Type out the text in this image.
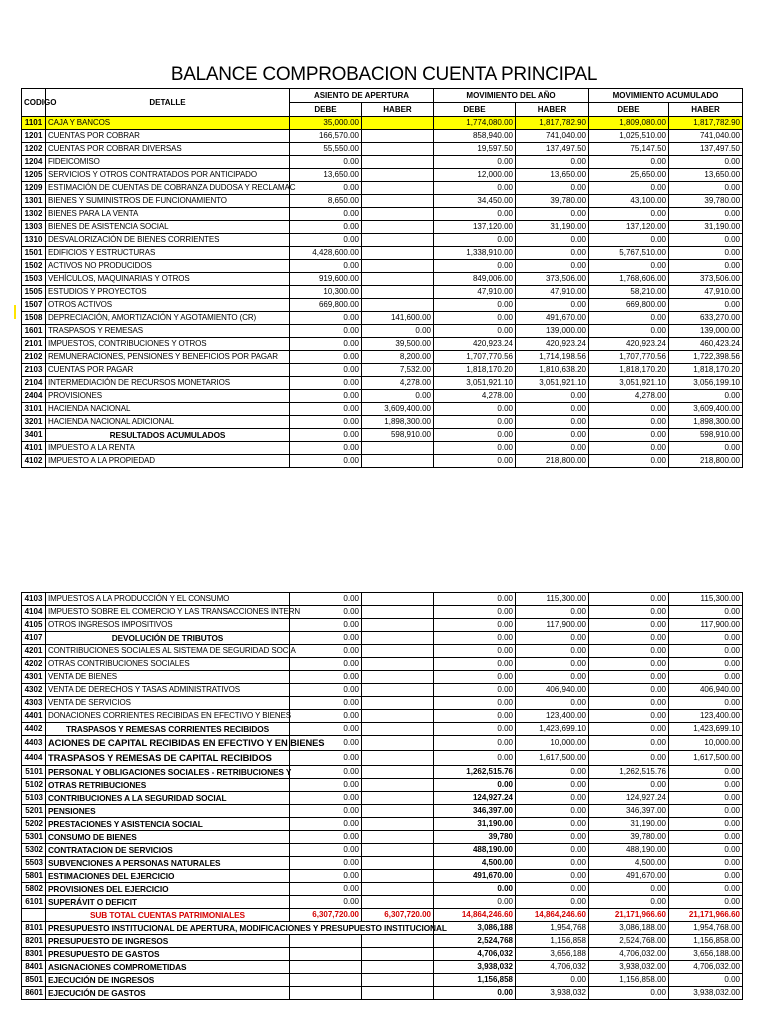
BALANCE COMPROBACION CUENTA PRINCIPAL
CODIGO	DETALLE	ASIENTO DE APERTURA		MOVIMIENTO DEL AÑO		MOVIMIENTO ACUMULADO	
		DEBE	HABER	DEBE	HABER	DEBE	HABER
1101	CAJA Y BANCOS	35,000.00		1,774,080.00	1,817,782.90	1,809,080.00	1,817,782.90
1201	CUENTAS POR COBRAR	166,570.00		858,940.00	741,040.00	1,025,510.00	741,040.00
1202	CUENTAS POR COBRAR DIVERSAS	55,550.00		19,597.50	137,497.50	75,147.50	137,497.50
1204	FIDEICOMISO	0.00		0.00	0.00	0.00	0.00
1205	SERVICIOS Y OTROS CONTRATADOS POR ANTICIPADO	13,650.00		12,000.00	13,650.00	25,650.00	13,650.00
1209	ESTIMACIÓN DE CUENTAS DE COBRANZA DUDOSA Y RECLAMAC	0.00		0.00	0.00	0.00	0.00
1301	BIENES Y SUMINISTROS DE FUNCIONAMIENTO	8,650.00		34,450.00	39,780.00	43,100.00	39,780.00
1302	BIENES PARA LA VENTA	0.00		0.00	0.00	0.00	0.00
1303	BIENES DE ASISTENCIA SOCIAL	0.00		137,120.00	31,190.00	137,120.00	31,190.00
1310	DESVALORIZACIÓN DE BIENES CORRIENTES	0.00		0.00	0.00	0.00	0.00
1501	EDIFICIOS Y ESTRUCTURAS	4,428,600.00		1,338,910.00	0.00	5,767,510.00	0.00
1502	ACTIVOS NO PRODUCIDOS	0.00		0.00	0.00	0.00	0.00
1503	VEHÍCULOS, MAQUINARIAS Y OTROS	919,600.00		849,006.00	373,506.00	1,768,606.00	373,506.00
1505	ESTUDIOS Y PROYECTOS	10,300.00		47,910.00	47,910.00	58,210.00	47,910.00
1507	OTROS ACTIVOS	669,800.00		0.00	0.00	669,800.00	0.00
1508	DEPRECIACIÓN, AMORTIZACIÓN Y AGOTAMIENTO (CR)	0.00	141,600.00	0.00	491,670.00	0.00	633,270.00
1601	TRASPASOS Y REMESAS	0.00	0.00	0.00	139,000.00	0.00	139,000.00
2101	IMPUESTOS, CONTRIBUCIONES Y OTROS	0.00	39,500.00	420,923.24	420,923.24	420,923.24	460,423.24
2102	REMUNERACIONES, PENSIONES Y BENEFICIOS POR PAGAR	0.00	8,200.00	1,707,770.56	1,714,198.56	1,707,770.56	1,722,398.56
2103	CUENTAS POR PAGAR	0.00	7,532.00	1,818,170.20	1,810,638.20	1,818,170.20	1,818,170.20
2104	INTERMEDIACIÓN DE RECURSOS MONETARIOS	0.00	4,278.00	3,051,921.10	3,051,921.10	3,051,921.10	3,056,199.10
2404	PROVISIONES	0.00	0.00	4,278.00	0.00	4,278.00	0.00
3101	HACIENDA NACIONAL	0.00	3,609,400.00	0.00	0.00	0.00	3,609,400.00
3201	HACIENDA NACIONAL ADICIONAL	0.00	1,898,300.00	0.00	0.00	0.00	1,898,300.00
3401	RESULTADOS ACUMULADOS	0.00	598,910.00	0.00	0.00	0.00	598,910.00
4101	IMPUESTO A LA RENTA	0.00		0.00	0.00	0.00	0.00
4102	IMPUESTO A LA PROPIEDAD	0.00		0.00	218,800.00	0.00	218,800.00
4103	IMPUESTOS A LA PRODUCCIÓN Y EL CONSUMO	0.00		0.00	115,300.00	0.00	115,300.00
4104	IMPUESTO SOBRE EL COMERCIO Y LAS TRANSACCIONES INTERN	0.00		0.00	0.00	0.00	0.00
4105	OTROS INGRESOS IMPOSITIVOS	0.00		0.00	117,900.00	0.00	117,900.00
4107	DEVOLUCIÓN DE TRIBUTOS	0.00		0.00	0.00	0.00	0.00
4201	CONTRIBUCIONES SOCIALES AL SISTEMA DE SEGURIDAD SOCIA	0.00		0.00	0.00	0.00	0.00
4202	OTRAS CONTRIBUCIONES SOCIALES	0.00		0.00	0.00	0.00	0.00
4301	VENTA DE BIENES	0.00		0.00	0.00	0.00	0.00
4302	VENTA DE DERECHOS Y TASAS ADMINISTRATIVOS	0.00		0.00	406,940.00	0.00	406,940.00
4303	VENTA DE SERVICIOS	0.00		0.00	0.00	0.00	0.00
4401	DONACIONES CORRIENTES RECIBIDAS EN EFECTIVO Y BIENES	0.00		0.00	123,400.00	0.00	123,400.00
4402	TRASPASOS Y REMESAS CORRIENTES RECIBIDOS	0.00		0.00	1,423,699.10	0.00	1,423,699.10
4403	ACIONES DE CAPITAL RECIBIDAS EN EFECTIVO Y EN BIENES	0.00		0.00	10,000.00	0.00	10,000.00
4404	TRASPASOS Y REMESAS DE CAPITAL RECIBIDOS	0.00		0.00	1,617,500.00	0.00	1,617,500.00
5101	PERSONAL Y OBLIGACIONES SOCIALES - RETRIBUCIONES Y	0.00		1,262,515.76	0.00	1,262,515.76	0.00
5102	OTRAS RETRIBUCIONES	0.00		0.00	0.00	0.00	0.00
5103	CONTRIBUCIONES A LA SEGURIDAD SOCIAL	0.00		124,927.24	0.00	124,927.24	0.00
5201	PENSIONES	0.00		346,397.00	0.00	346,397.00	0.00
5202	PRESTACIONES Y ASISTENCIA SOCIAL	0.00		31,190.00	0.00	31,190.00	0.00
5301	CONSUMO DE BIENES	0.00		39,780	0.00	39,780.00	0.00
5302	CONTRATACION DE SERVICIOS	0.00		488,190.00	0.00	488,190.00	0.00
5503	SUBVENCIONES A PERSONAS NATURALES	0.00		4,500.00	0.00	4,500.00	0.00
5801	ESTIMACIONES DEL EJERCICIO	0.00		491,670.00	0.00	491,670.00	0.00
5802	PROVISIONES DEL EJERCICIO	0.00		0.00	0.00	0.00	0.00
6101	SUPERÁVIT O DEFICIT	0.00		0.00	0.00	0.00	0.00
	SUB TOTAL CUENTAS PATRIMONIALES	6,307,720.00	6,307,720.00	14,864,246.60	14,864,246.60	21,171,966.60	21,171,966.60
8101	PRESUPUESTO INSTITUCIONAL DE APERTURA, MODIFICACIONES Y PRESUPUESTO INSTITUCIONAL			3,086,188	1,954,768	3,086,188.00	1,954,768.00
8201	PRESUPUESTO DE INGRESOS			2,524,768	1,156,858	2,524,768.00	1,156,858.00
8301	PRESUPUESTO DE GASTOS			4,706,032	3,656,188	4,706,032.00	3,656,188.00
8401	ASIGNACIONES COMPROMETIDAS			3,938,032	4,706,032	3,938,032.00	4,706,032.00
8501	EJECUCIÓN DE INGRESOS			1,156,858	0.00	1,156,858.00	0.00
8601	EJECUCIÓN DE GASTOS			0.00	3,938,032	0.00	3,938,032.00
